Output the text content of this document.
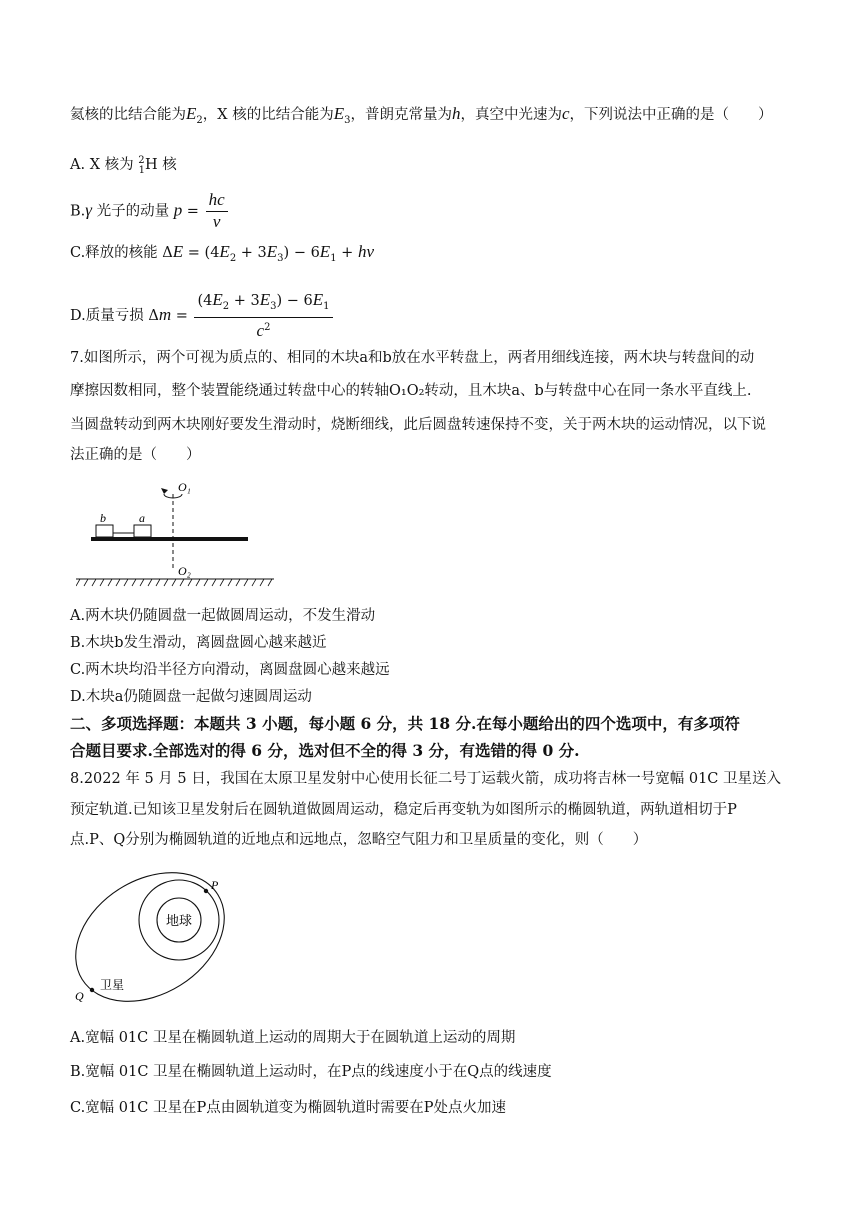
氦核的比结合能为$E_2$，X 核的比结合能为$E_3$，普朗克常量为h，真空中光速为c，下列说法中正确的是（　　）
A. X 核为 $^2_1$H 核
B.γ 光子的动量 $p = \frac{hc}{v}$
C.释放的核能 $\Delta E = (4E_2 + 3E_3) - 6E_1 + h\nu$
D.质量亏损 $\Delta m = \frac{(4E_2 + 3E_3) - 6E_1}{c^2}$
7.如图所示，两个可视为质点的、相同的木块a和b放在水平转盘上，两者用细线连接，两木块与转盘间的动
摩擦因数相同，整个装置能绕通过转盘中心的转轴O₁O₂转动，且木块a、b与转盘中心在同一条水平直线上.
当圆盘转动到两木块刚好要发生滑动时，烧断细线，此后圆盘转速保持不变，关于两木块的运动情况，以下说
法正确的是（　　）
O₁
b	a
O₂
A.两木块仍随圆盘一起做圆周运动，不发生滑动
B.木块b发生滑动，离圆盘圆心越来越近
C.两木块均沿半径方向滑动，离圆盘圆心越来越远
D.木块a仍随圆盘一起做匀速圆周运动
二、多项选择题：本题共 3 小题，每小题 6 分，共 18 分.在每小题给出的四个选项中，有多项符
合题目要求.全部选对的得 6 分，选对但不全的得 3 分，有选错的得 0 分.
8.2022 年 5 月 5 日，我国在太原卫星发射中心使用长征二号丁运载火箭，成功将吉林一号宽幅 01C 卫星送入
预定轨道.已知该卫星发射后在圆轨道做圆周运动，稳定后再变轨为如图所示的椭圆轨道，两轨道相切于P
点.P、Q分别为椭圆轨道的近地点和远地点，忽略空气阻力和卫星质量的变化，则（　　）
地球
P
Q
卫星
A.宽幅 01C 卫星在椭圆轨道上运动的周期大于在圆轨道上运动的周期
B.宽幅 01C 卫星在椭圆轨道上运动时，在P点的线速度小于在Q点的线速度
C.宽幅 01C 卫星在P点由圆轨道变为椭圆轨道时需要在P处点火加速
